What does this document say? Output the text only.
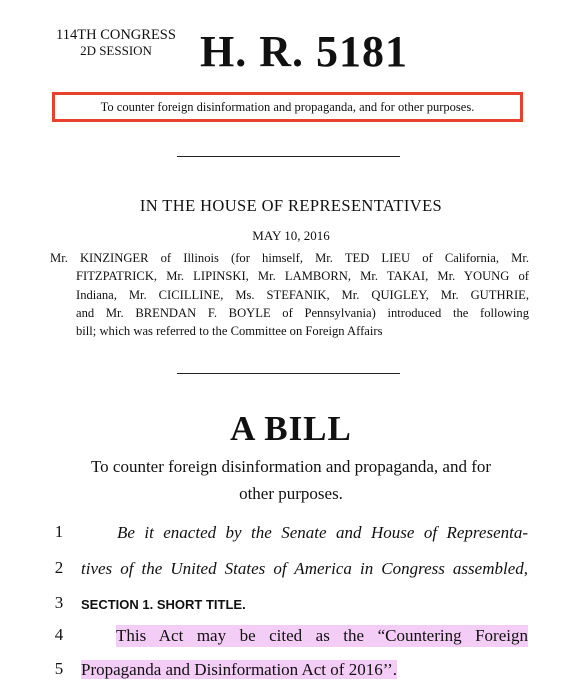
114TH CONGRESS
2D SESSION	H. R. 5181
To counter foreign disinformation and propaganda, and for other purposes.
IN THE HOUSE OF REPRESENTATIVES
MAY 10, 2016
Mr. KINZINGER of Illinois (for himself, Mr. TED LIEU of California, Mr.
FITZPATRICK, Mr. LIPINSKI, Mr. LAMBORN, Mr. TAKAI, Mr. YOUNG of
Indiana, Mr. CICILLINE, Ms. STEFANIK, Mr. QUIGLEY, Mr. GUTHRIE,
and Mr. BRENDAN F. BOYLE of Pennsylvania) introduced the following
bill; which was referred to the Committee on Foreign Affairs
A BILL
To counter foreign disinformation and propaganda, and for
other purposes.
1	Be it enacted by the Senate and House of Representa-
2 tives of the United States of America in Congress assembled,
3 SECTION 1. SHORT TITLE.
4	This Act may be cited as the “Countering Foreign
5 Propaganda and Disinformation Act of 2016’’.
